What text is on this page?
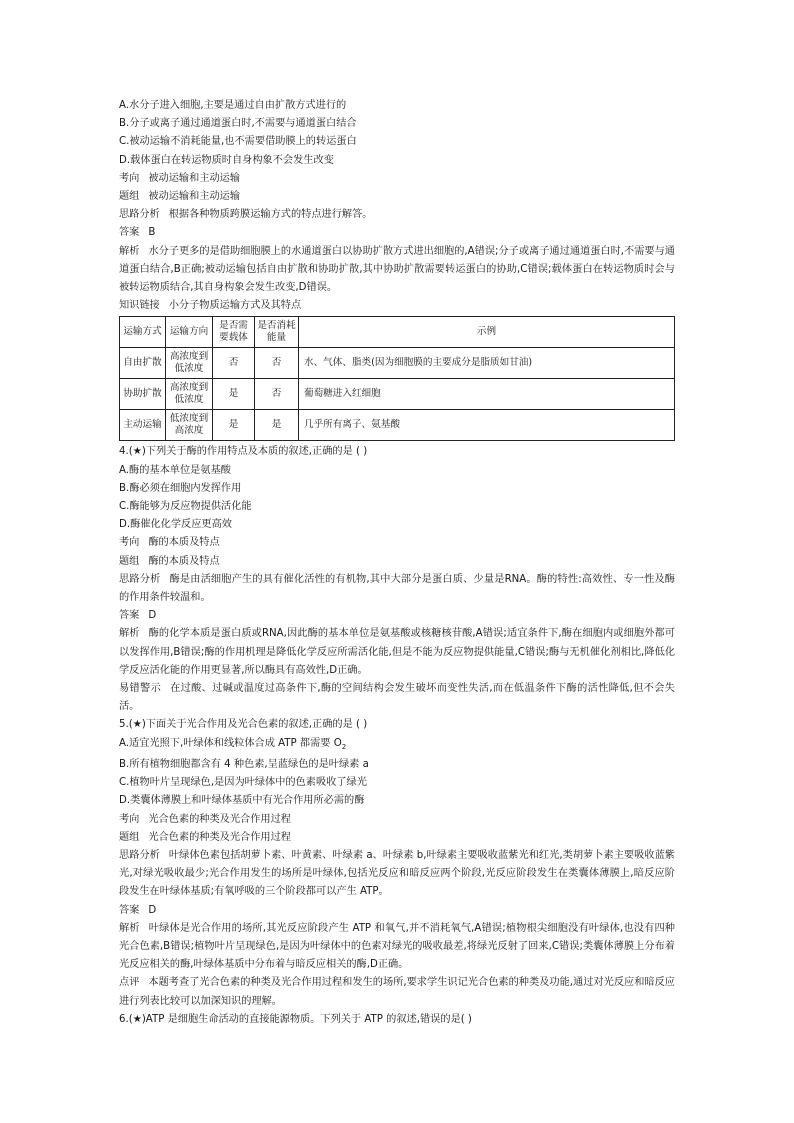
A.水分子进入细胞,主要是通过自由扩散方式进行的
B.分子或离子通过通道蛋白时,不需要与通道蛋白结合
C.被动运输不消耗能量,也不需要借助膜上的转运蛋白
D.载体蛋白在转运物质时自身构象不会发生改变
考向 被动运输和主动运输
题组 被动运输和主动运输
思路分析 根据各种物质跨膜运输方式的特点进行解答。
答案 B
解析 水分子更多的是借助细胞膜上的水通道蛋白以协助扩散方式进出细胞的,A错误;分子或离子通过通道蛋白时,不需要与通道蛋白结合,B正确;被动运输包括自由扩散和协助扩散,其中协助扩散需要转运蛋白的协助,C错误;载体蛋白在转运物质时会与被转运物质结合,其自身构象会发生改变,D错误。
知识链接 小分子物质运输方式及其特点
运输方式	运输方向	是否需要载体	是否消耗能量	示例
自由扩散	高浓度到低浓度	否	否	水、气体、脂类(因为细胞膜的主要成分是脂质如甘油)
协助扩散	高浓度到低浓度	是	否	葡萄糖进入红细胞
主动运输	低浓度到高浓度	是	是	几乎所有离子、氨基酸
4.(★)下列关于酶的作用特点及本质的叙述,正确的是 ( )
A.酶的基本单位是氨基酸
B.酶必须在细胞内发挥作用
C.酶能够为反应物提供活化能
D.酶催化化学反应更高效
考向 酶的本质及特点
题组 酶的本质及特点
思路分析 酶是由活细胞产生的具有催化活性的有机物,其中大部分是蛋白质、少量是RNA。酶的特性:高效性、专一性及酶的作用条件较温和。
答案 D
解析 酶的化学本质是蛋白质或RNA,因此酶的基本单位是氨基酸或核糖核苷酸,A错误;适宜条件下,酶在细胞内或细胞外都可以发挥作用,B错误;酶的作用机理是降低化学反应所需活化能,但是不能为反应物提供能量,C错误;酶与无机催化剂相比,降低化学反应活化能的作用更显著,所以酶具有高效性,D正确。
易错警示 在过酸、过碱或温度过高条件下,酶的空间结构会发生破坏而变性失活,而在低温条件下酶的活性降低,但不会失活。
5.(★)下面关于光合作用及光合色素的叙述,正确的是 ( )
A.适宜光照下,叶绿体和线粒体合成 ATP 都需要 $O_2$
B.所有植物细胞都含有 4 种色素,呈蓝绿色的是叶绿素 a
C.植物叶片呈现绿色,是因为叶绿体中的色素吸收了绿光
D.类囊体薄膜上和叶绿体基质中有光合作用所必需的酶
考向 光合色素的种类及光合作用过程
题组 光合色素的种类及光合作用过程
思路分析 叶绿体色素包括胡萝卜素、叶黄素、叶绿素 a、叶绿素 b,叶绿素主要吸收蓝紫光和红光,类胡萝卜素主要吸收蓝紫光,对绿光吸收最少;光合作用发生的场所是叶绿体,包括光反应和暗反应两个阶段,光反应阶段发生在类囊体薄膜上,暗反应阶段发生在叶绿体基质;有氧呼吸的三个阶段都可以产生 ATP。
答案 D
解析 叶绿体是光合作用的场所,其光反应阶段产生 ATP 和氧气,并不消耗氧气,A错误;植物根尖细胞没有叶绿体,也没有四种光合色素,B错误;植物叶片呈现绿色,是因为叶绿体中的色素对绿光的吸收最差,将绿光反射了回来,C错误;类囊体薄膜上分布着光反应相关的酶,叶绿体基质中分布着与暗反应相关的酶,D正确。
点评 本题考查了光合色素的种类及光合作用过程和发生的场所,要求学生识记光合色素的种类及功能,通过对光反应和暗反应进行列表比较可以加深知识的理解。
6.(★)ATP 是细胞生命活动的直接能源物质。下列关于 ATP 的叙述,错误的是( )
